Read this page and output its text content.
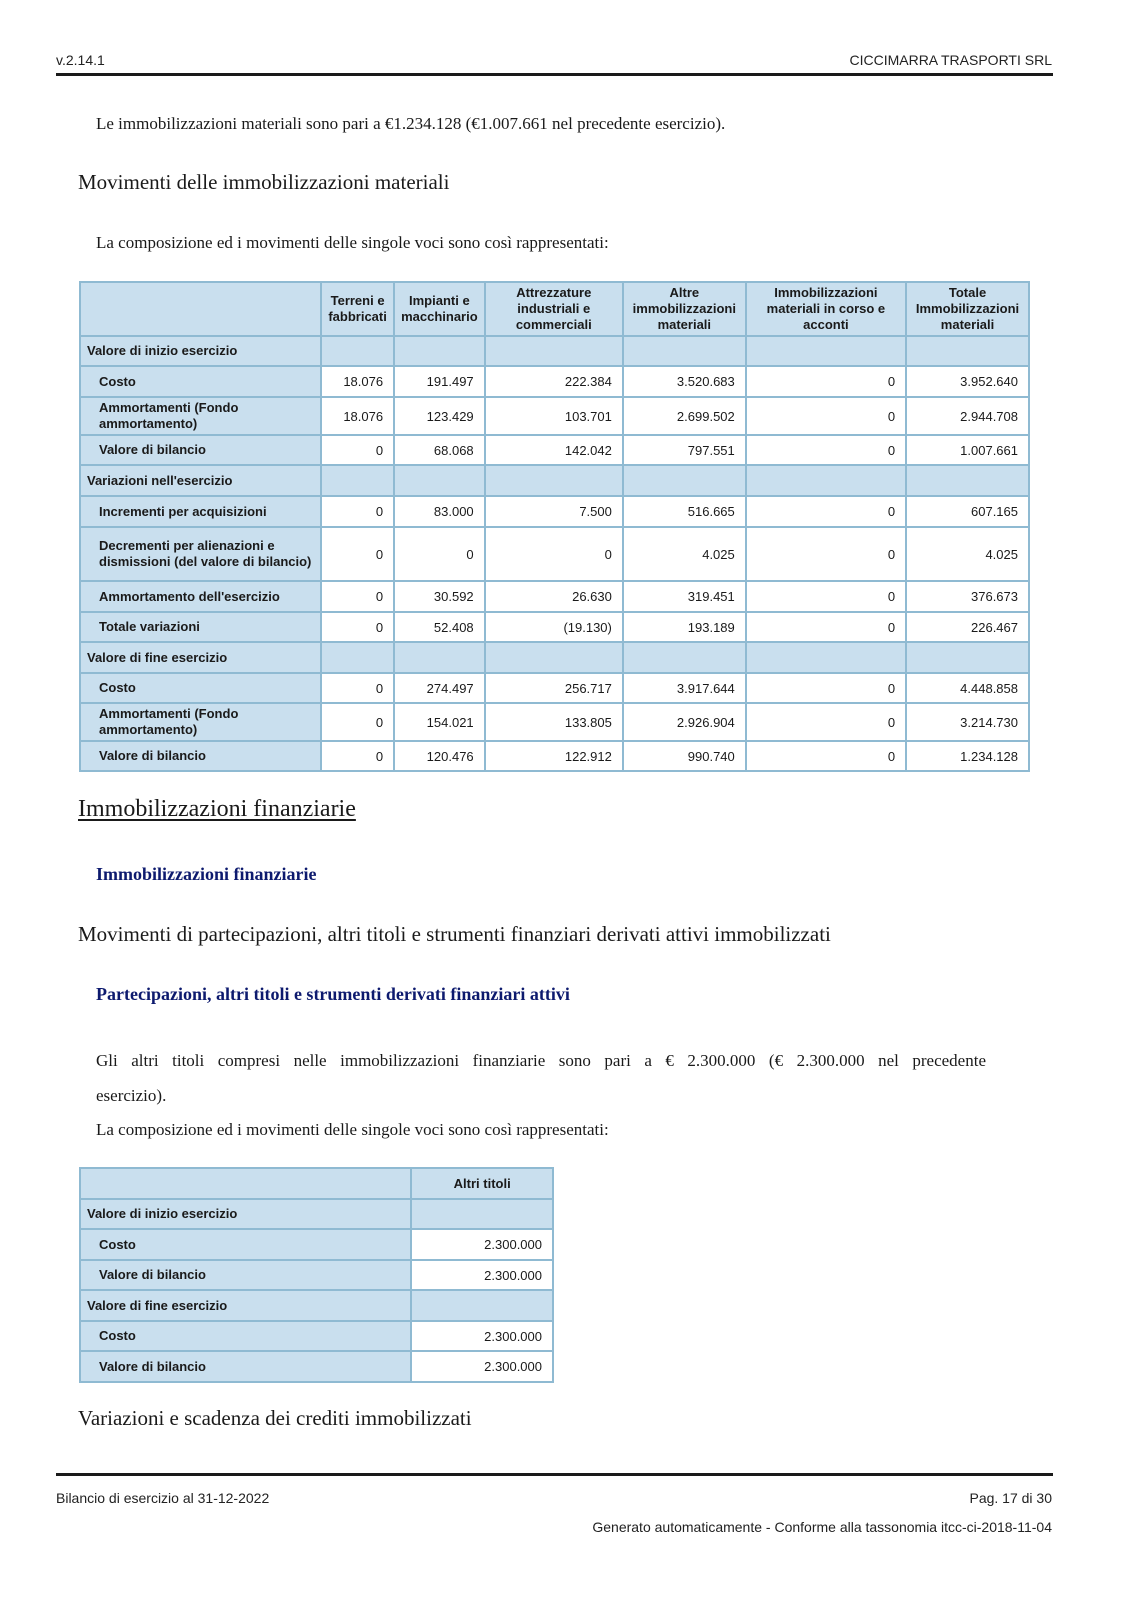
v.2.14.1	CICCIMARRA TRASPORTI SRL
Le immobilizzazioni materiali sono pari a €1.234.128 (€1.007.661 nel precedente esercizio).
Movimenti delle immobilizzazioni materiali
La composizione ed i movimenti delle singole voci sono così rappresentati:
	Terreni e fabbricati	Impianti e macchinario	Attrezzature industriali e commerciali	Altre immobilizzazioni materiali	Immobilizzazioni materiali in corso e acconti	Totale Immobilizzazioni materiali
Valore di inizio esercizio						
Costo	18.076	191.497	222.384	3.520.683	0	3.952.640
Ammortamenti (Fondo ammortamento)	18.076	123.429	103.701	2.699.502	0	2.944.708
Valore di bilancio	0	68.068	142.042	797.551	0	1.007.661
Variazioni nell'esercizio						
Incrementi per acquisizioni	0	83.000	7.500	516.665	0	607.165
Decrementi per alienazioni e dismissioni (del valore di bilancio)	0	0	0	4.025	0	4.025
Ammortamento dell'esercizio	0	30.592	26.630	319.451	0	376.673
Totale variazioni	0	52.408	(19.130)	193.189	0	226.467
Valore di fine esercizio						
Costo	0	274.497	256.717	3.917.644	0	4.448.858
Ammortamenti (Fondo ammortamento)	0	154.021	133.805	2.926.904	0	3.214.730
Valore di bilancio	0	120.476	122.912	990.740	0	1.234.128
Immobilizzazioni finanziarie
Immobilizzazioni finanziarie
Movimenti di partecipazioni, altri titoli e strumenti finanziari derivati attivi immobilizzati
Partecipazioni, altri titoli e strumenti derivati finanziari attivi
Gli altri titoli compresi nelle immobilizzazioni finanziarie sono pari a € 2.300.000 (€ 2.300.000 nel precedente
esercizio).
La composizione ed i movimenti delle singole voci sono così rappresentati:
	Altri titoli
Valore di inizio esercizio	
Costo	2.300.000
Valore di bilancio	2.300.000
Valore di fine esercizio	
Costo	2.300.000
Valore di bilancio	2.300.000
Variazioni e scadenza dei crediti immobilizzati
Bilancio di esercizio al 31-12-2022	Pag. 17 di 30
Generato automaticamente - Conforme alla tassonomia itcc-ci-2018-11-04
